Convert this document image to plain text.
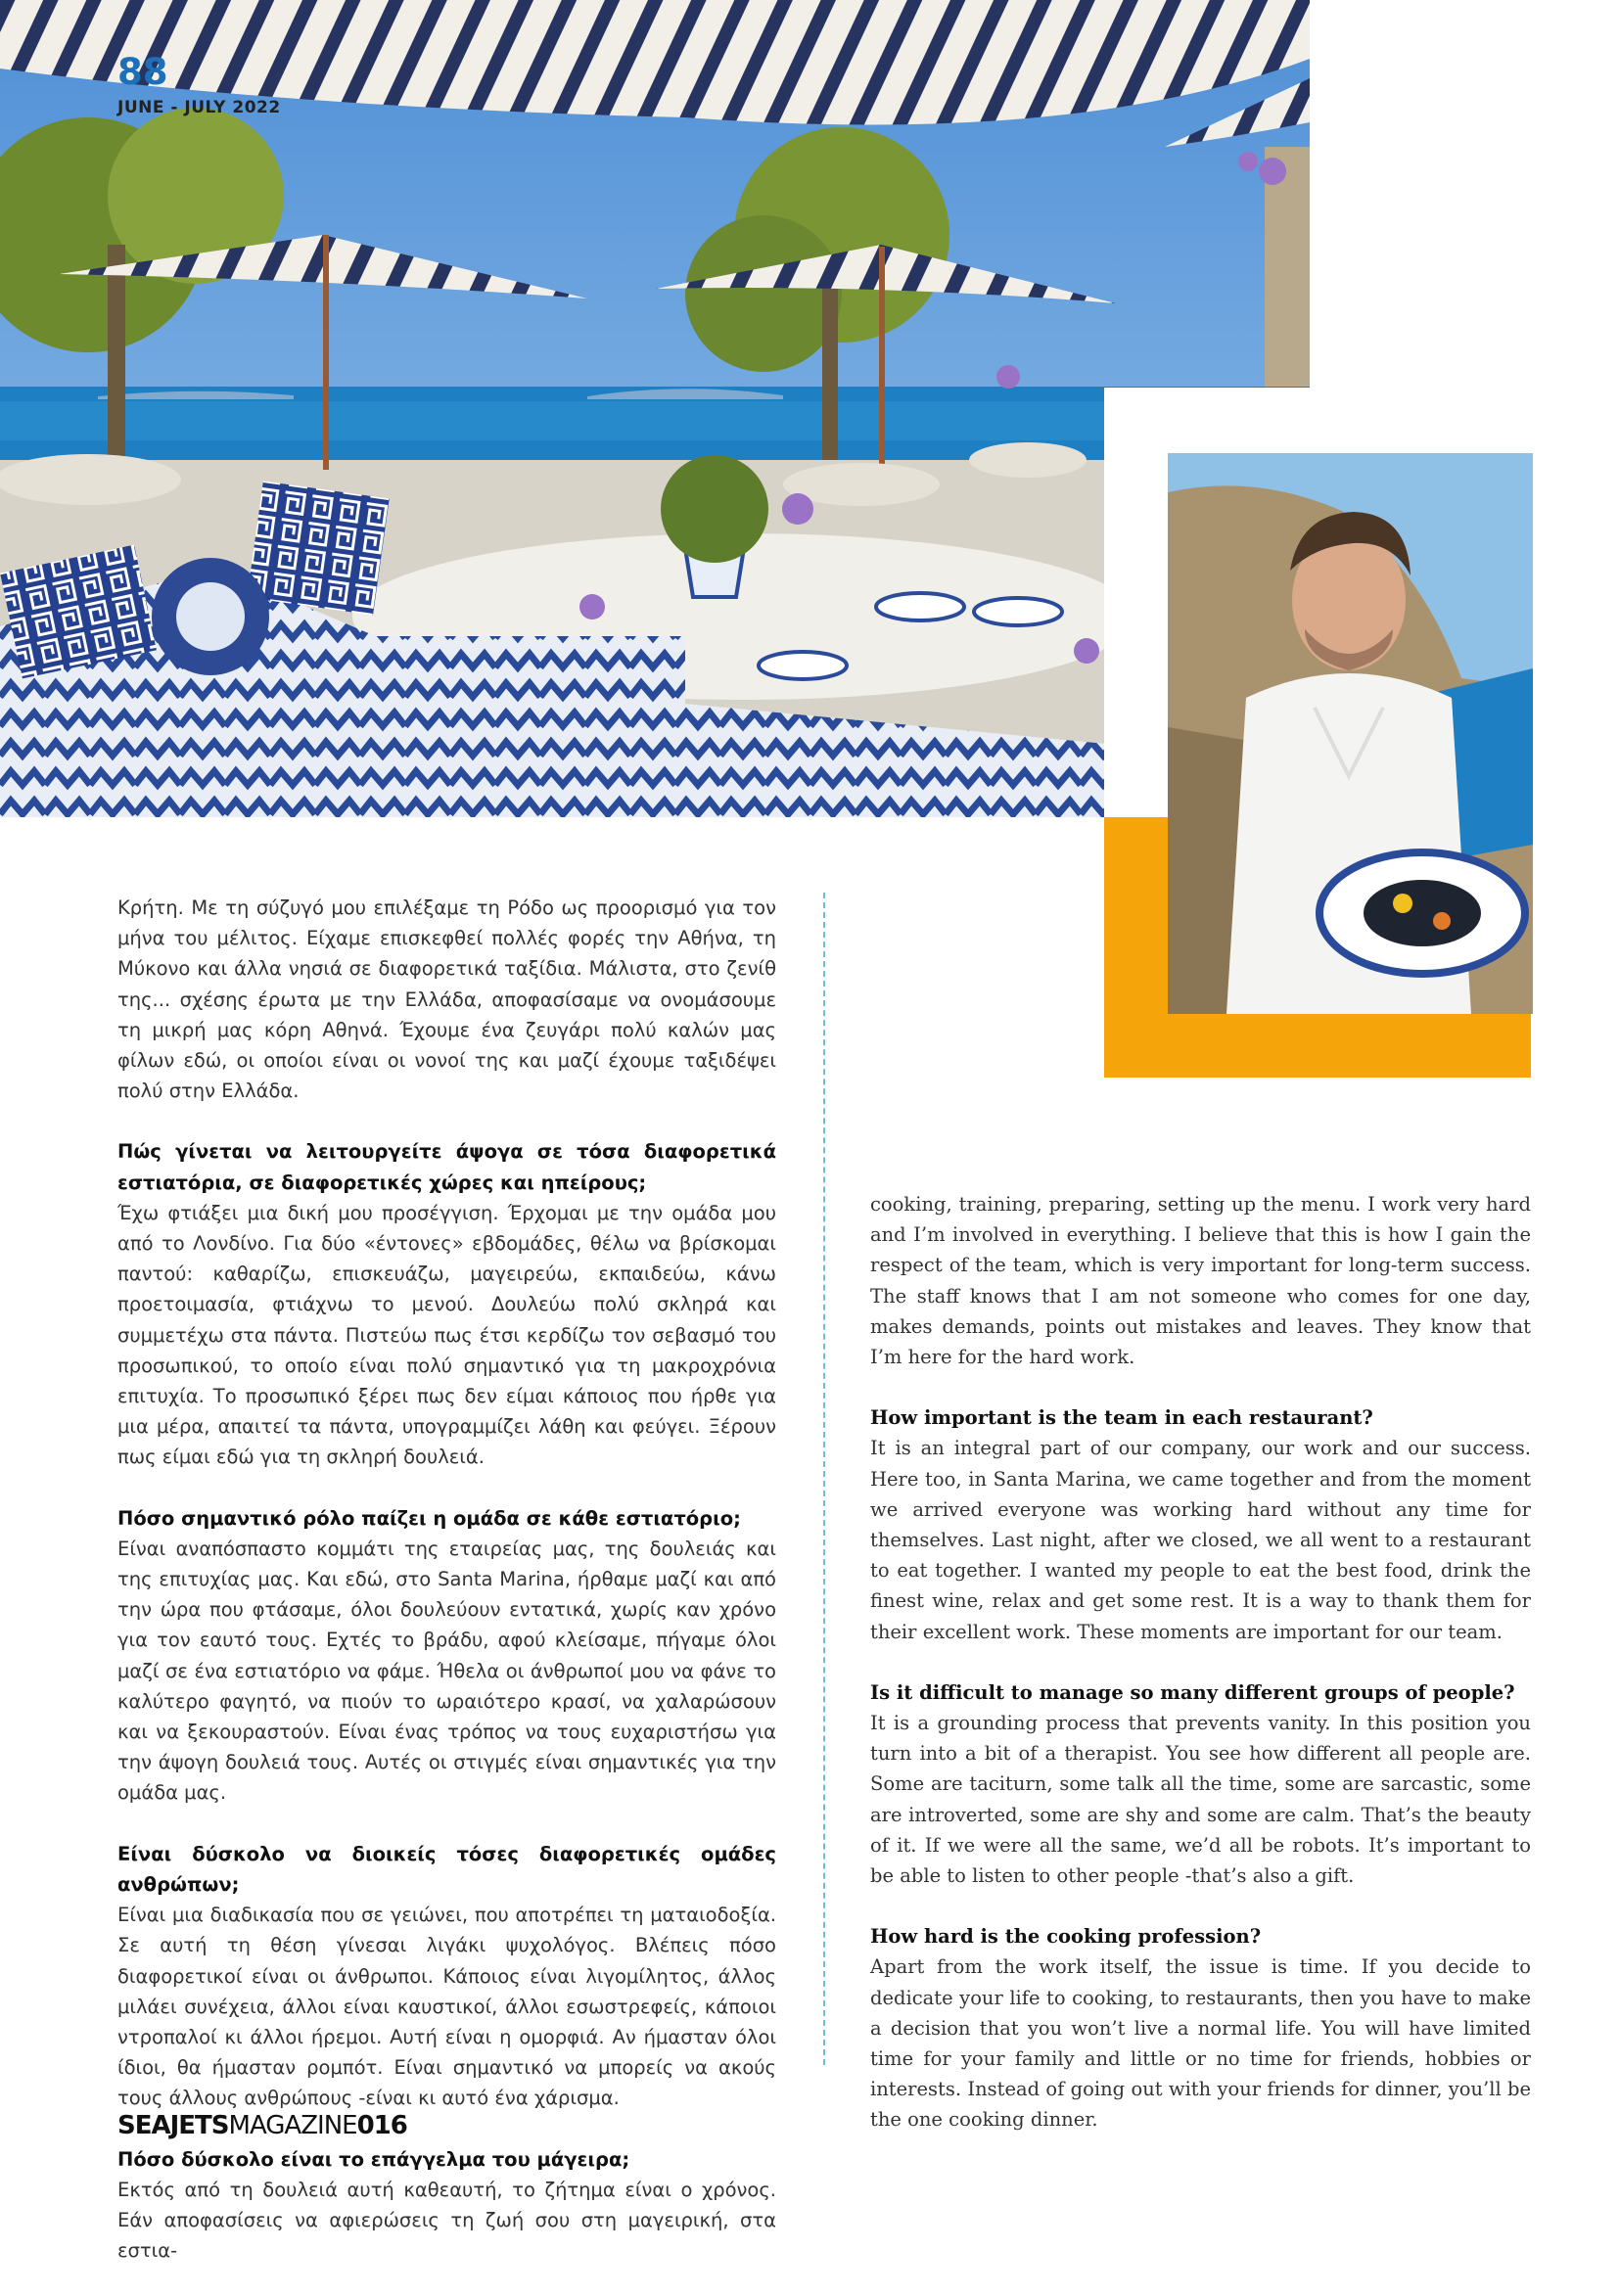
88
JUNE - JULY 2022

Κρήτη. Με τη σύζυγό μου επιλέξαμε τη Ρόδο ως προορισμό για τον μήνα του μέλιτος. Είχαμε επισκεφθεί πολλές φορές την Αθήνα, τη Μύκονο και άλλα νησιά σε διαφορετικά ταξίδια. Μάλιστα, στο ζενίθ της... σχέσης έρωτα με την Ελλάδα, αποφασίσαμε να ονομάσουμε τη μικρή μας κόρη Αθηνά. Έχουμε ένα ζευγάρι πολύ καλών μας φίλων εδώ, οι οποίοι είναι οι νονοί της και μαζί έχουμε ταξιδέψει πολύ στην Ελλάδα.

Πώς γίνεται να λειτουργείτε άψογα σε τόσα διαφορετικά εστιατόρια, σε διαφορετικές χώρες και ηπείρους;
Έχω φτιάξει μια δική μου προσέγγιση. Έρχομαι με την ομάδα μου από το Λονδίνο. Για δύο «έντονες» εβδομάδες, θέλω να βρίσκομαι παντού: καθαρίζω, επισκευάζω, μαγειρεύω, εκπαιδεύω, κάνω προετοιμασία, φτιάχνω το μενού. Δουλεύω πολύ σκληρά και συμμετέχω στα πάντα. Πιστεύω πως έτσι κερδίζω τον σεβασμό του προσωπικού, το οποίο είναι πολύ σημαντικό για τη μακροχρόνια επιτυχία. Το προσωπικό ξέρει πως δεν είμαι κάποιος που ήρθε για μια μέρα, απαιτεί τα πάντα, υπογραμμίζει λάθη και φεύγει. Ξέρουν πως είμαι εδώ για τη σκληρή δουλειά.

Πόσο σημαντικό ρόλο παίζει η ομάδα σε κάθε εστιατόριο;
Είναι αναπόσπαστο κομμάτι της εταιρείας μας, της δουλειάς και της επιτυχίας μας. Και εδώ, στο Santa Marina, ήρθαμε μαζί και από την ώρα που φτάσαμε, όλοι δουλεύουν εντατικά, χωρίς καν χρόνο για τον εαυτό τους. Εχτές το βράδυ, αφού κλείσαμε, πήγαμε όλοι μαζί σε ένα εστιατόριο να φάμε. Ήθελα οι άνθρωποί μου να φάνε το καλύτερο φαγητό, να πιούν το ωραιότερο κρασί, να χαλαρώσουν και να ξεκουραστούν. Είναι ένας τρόπος να τους ευχαριστήσω για την άψογη δουλειά τους. Αυτές οι στιγμές είναι σημαντικές για την ομάδα μας.

Είναι δύσκολο να διοικείς τόσες διαφορετικές ομάδες ανθρώπων;
Είναι μια διαδικασία που σε γειώνει, που αποτρέπει τη ματαιοδοξία. Σε αυτή τη θέση γίνεσαι λιγάκι ψυχολόγος. Βλέπεις πόσο διαφορετικοί είναι οι άνθρωποι. Κάποιος είναι λιγομίλητος, άλλος μιλάει συνέχεια, άλλοι είναι καυστικοί, άλλοι εσωστρεφείς, κάποιοι ντροπαλοί κι άλλοι ήρεμοι. Αυτή είναι η ομορφιά. Αν ήμασταν όλοι ίδιοι, θα ήμασταν ρομπότ. Είναι σημαντικό να μπορείς να ακούς τους άλλους ανθρώπους -είναι κι αυτό ένα χάρισμα.

Πόσο δύσκολο είναι το επάγγελμα του μάγειρα;
Εκτός από τη δουλειά αυτή καθεαυτή, το ζήτημα είναι ο χρόνος. Εάν αποφασίσεις να αφιερώσεις τη ζωή σου στη μαγειρική, στα εστια-

cooking, training, preparing, setting up the menu. I work very hard and I’m involved in everything. I believe that this is how I gain the respect of the team, which is very important for long-term success. The staff knows that I am not someone who comes for one day, makes demands, points out mistakes and leaves. They know that I’m here for the hard work.

How important is the team in each restaurant?
It is an integral part of our company, our work and our success. Here too, in Santa Marina, we came together and from the moment we arrived everyone was working hard without any time for themselves. Last night, after we closed, we all went to a restaurant to eat together. I wanted my people to eat the best food, drink the finest wine, relax and get some rest. It is a way to thank them for their excellent work. These moments are important for our team.

Is it difficult to manage so many different groups of people?
It is a grounding process that prevents vanity. In this position you turn into a bit of a therapist. You see how different all people are. Some are taciturn, some talk all the time, some are sarcastic, some are introverted, some are shy and some are calm. That’s the beauty of it. If we were all the same, we’d all be robots. It’s important to be able to listen to other people -that’s also a gift.

How hard is the cooking profession?
Apart from the work itself, the issue is time. If you decide to dedicate your life to cooking, to restaurants, then you have to make a decision that you won’t live a normal life. You will have limited time for your family and little or no time for friends, hobbies or interests. Instead of going out with your friends for dinner, you’ll be the one cooking dinner.

SEAJETSMAGAZINE016
